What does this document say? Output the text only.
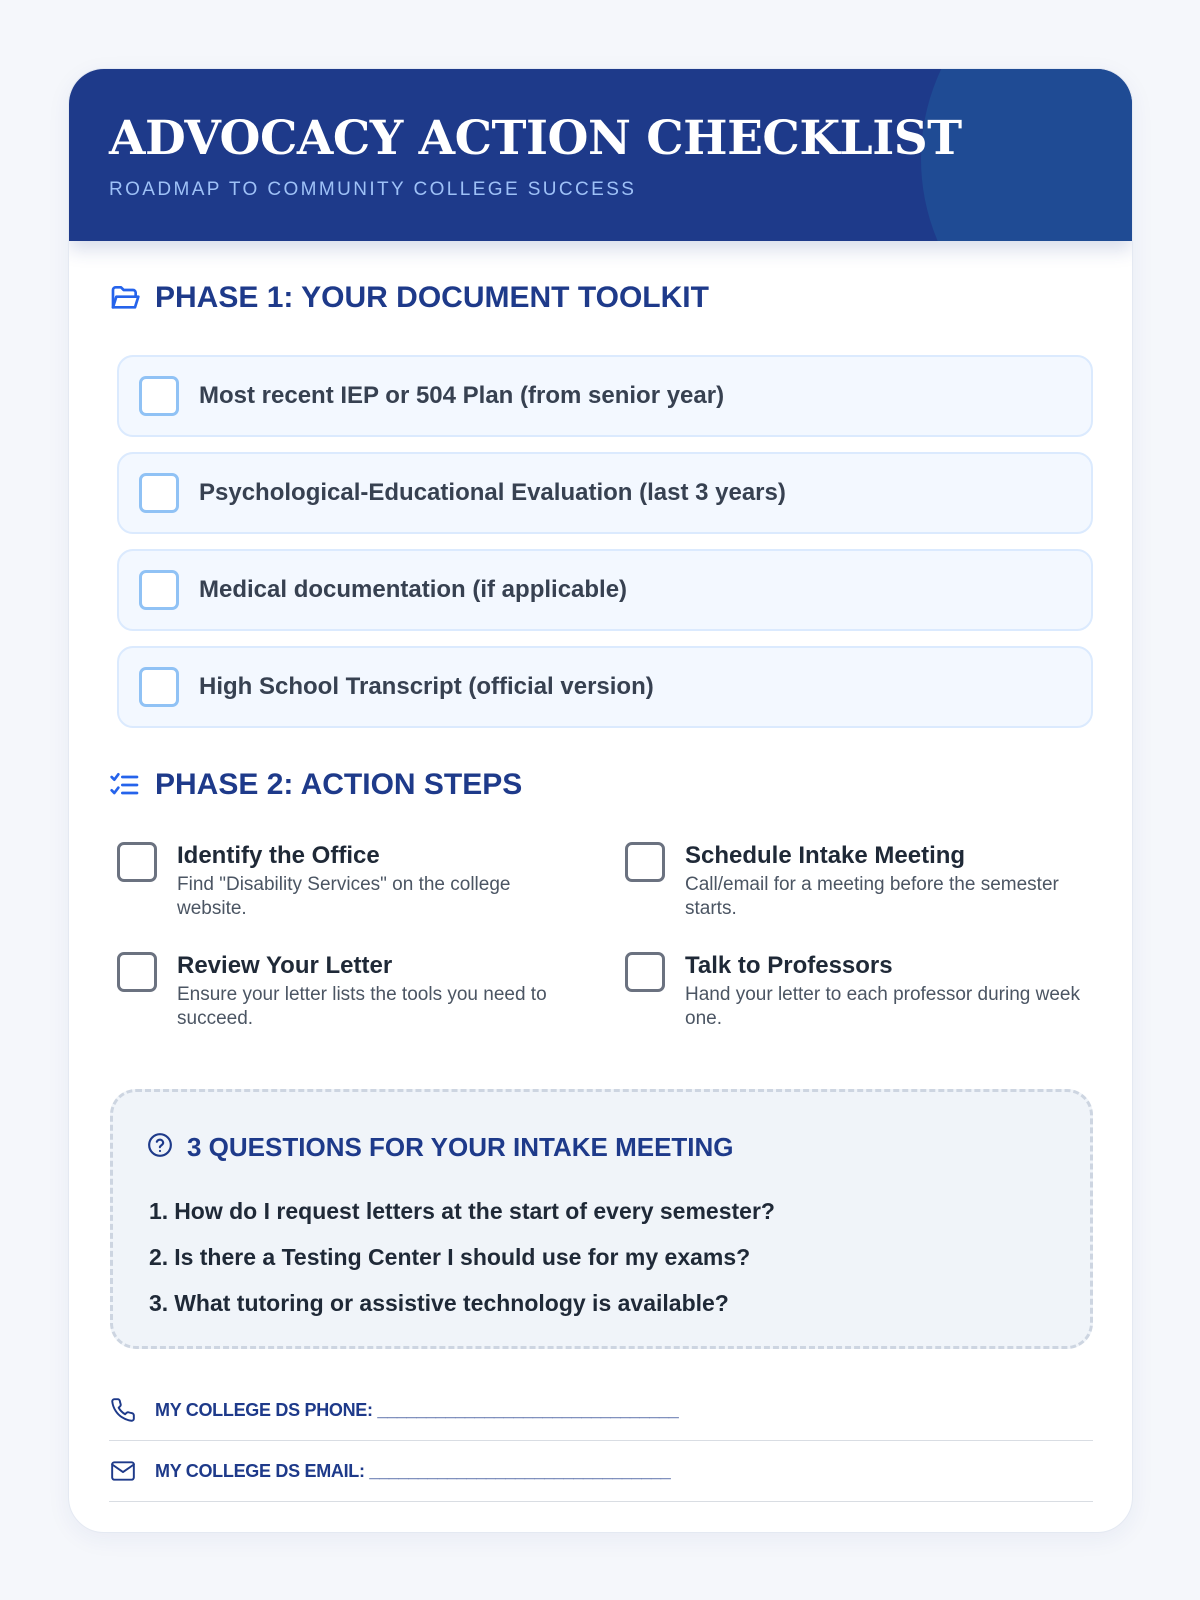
ADVOCACY ACTION CHECKLIST
ROADMAP TO COMMUNITY COLLEGE SUCCESS
PHASE 1: YOUR DOCUMENT TOOLKIT
Most recent IEP or 504 Plan (from senior year)
Psychological-Educational Evaluation (last 3 years)
Medical documentation (if applicable)
High School Transcript (official version)
PHASE 2: ACTION STEPS
Identify the Office
Find "Disability Services" on the college website.
Schedule Intake Meeting
Call/email for a meeting before the semester starts.
Review Your Letter
Ensure your letter lists the tools you need to succeed.
Talk to Professors
Hand your letter to each professor during week one.
3 QUESTIONS FOR YOUR INTAKE MEETING
1. How do I request letters at the start of every semester?
2. Is there a Testing Center I should use for my exams?
3. What tutoring or assistive technology is available?
MY COLLEGE DS PHONE: _______________________________
MY COLLEGE DS EMAIL: _______________________________
